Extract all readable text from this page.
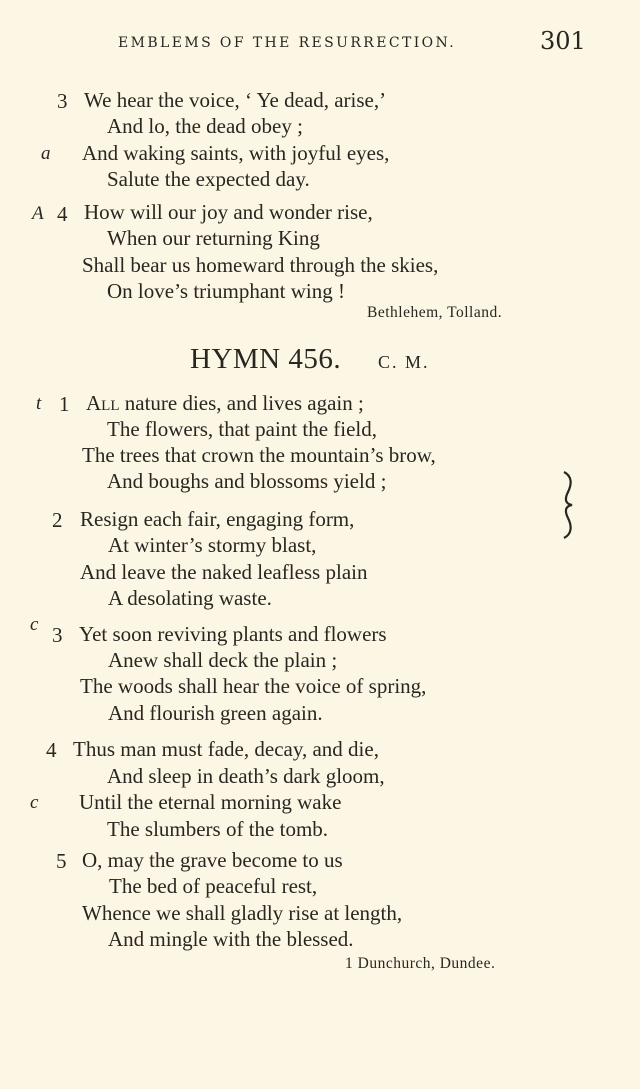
EMBLEMS OF THE RESURRECTION.	301
3 We hear the voice, ‘ Ye dead, arise,’
And lo, the dead obey ;
a And waking saints, with joyful eyes,
Salute the expected day.
A 4 How will our joy and wonder rise,
When our returning King
Shall bear us homeward through the skies,
On love’s triumphant wing !
Bethlehem, Tolland.
HYMN 456. C. M.
t 1 All nature dies, and lives again ;
The flowers, that paint the field,
The trees that crown the mountain’s brow,
And boughs and blossoms yield ;
2 Resign each fair, engaging form,
At winter’s stormy blast,
And leave the naked leafless plain
A desolating waste.
c 3 Yet soon reviving plants and flowers
Anew shall deck the plain ;
The woods shall hear the voice of spring,
And flourish green again.
4 Thus man must fade, decay, and die,
And sleep in death’s dark gloom,
c Until the eternal morning wake
The slumbers of the tomb.
5 O, may the grave become to us
The bed of peaceful rest,
Whence we shall gladly rise at length,
And mingle with the blessed.
1 Dunchurch, Dundee.
